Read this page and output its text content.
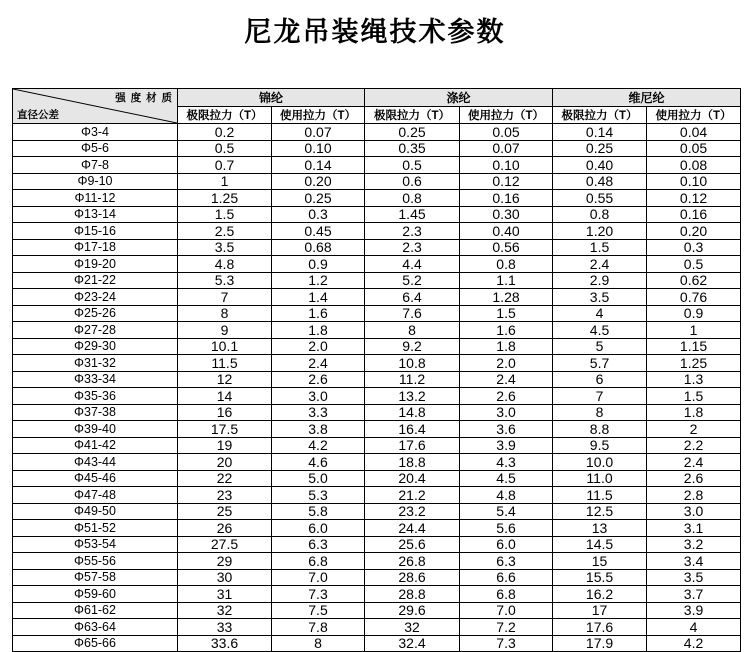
尼龙吊装绳技术参数
强 度 材 质
直径公差	锦纶		涤纶		维尼纶	
	极限拉力（T）	使用拉力（T）	极限拉力（T）	使用拉力（T）	极限拉力（T）	使用拉力（T）
Φ3-4	0.2	0.07	0.25	0.05	0.14	0.04
Φ5-6	0.5	0.10	0.35	0.07	0.25	0.05
Φ7-8	0.7	0.14	0.5	0.10	0.40	0.08
Φ9-10	1	0.20	0.6	0.12	0.48	0.10
Φ11-12	1.25	0.25	0.8	0.16	0.55	0.12
Φ13-14	1.5	0.3	1.45	0.30	0.8	0.16
Φ15-16	2.5	0.45	2.3	0.40	1.20	0.20
Φ17-18	3.5	0.68	2.3	0.56	1.5	0.3
Φ19-20	4.8	0.9	4.4	0.8	2.4	0.5
Φ21-22	5.3	1.2	5.2	1.1	2.9	0.62
Φ23-24	7	1.4	6.4	1.28	3.5	0.76
Φ25-26	8	1.6	7.6	1.5	4	0.9
Φ27-28	9	1.8	8	1.6	4.5	1
Φ29-30	10.1	2.0	9.2	1.8	5	1.15
Φ31-32	11.5	2.4	10.8	2.0	5.7	1.25
Φ33-34	12	2.6	11.2	2.4	6	1.3
Φ35-36	14	3.0	13.2	2.6	7	1.5
Φ37-38	16	3.3	14.8	3.0	8	1.8
Φ39-40	17.5	3.8	16.4	3.6	8.8	2
Φ41-42	19	4.2	17.6	3.9	9.5	2.2
Φ43-44	20	4.6	18.8	4.3	10.0	2.4
Φ45-46	22	5.0	20.4	4.5	11.0	2.6
Φ47-48	23	5.3	21.2	4.8	11.5	2.8
Φ49-50	25	5.8	23.2	5.4	12.5	3.0
Φ51-52	26	6.0	24.4	5.6	13	3.1
Φ53-54	27.5	6.3	25.6	6.0	14.5	3.2
Φ55-56	29	6.8	26.8	6.3	15	3.4
Φ57-58	30	7.0	28.6	6.6	15.5	3.5
Φ59-60	31	7.3	28.8	6.8	16.2	3.7
Φ61-62	32	7.5	29.6	7.0	17	3.9
Φ63-64	33	7.8	32	7.2	17.6	4
Φ65-66	33.6	8	32.4	7.3	17.9	4.2
